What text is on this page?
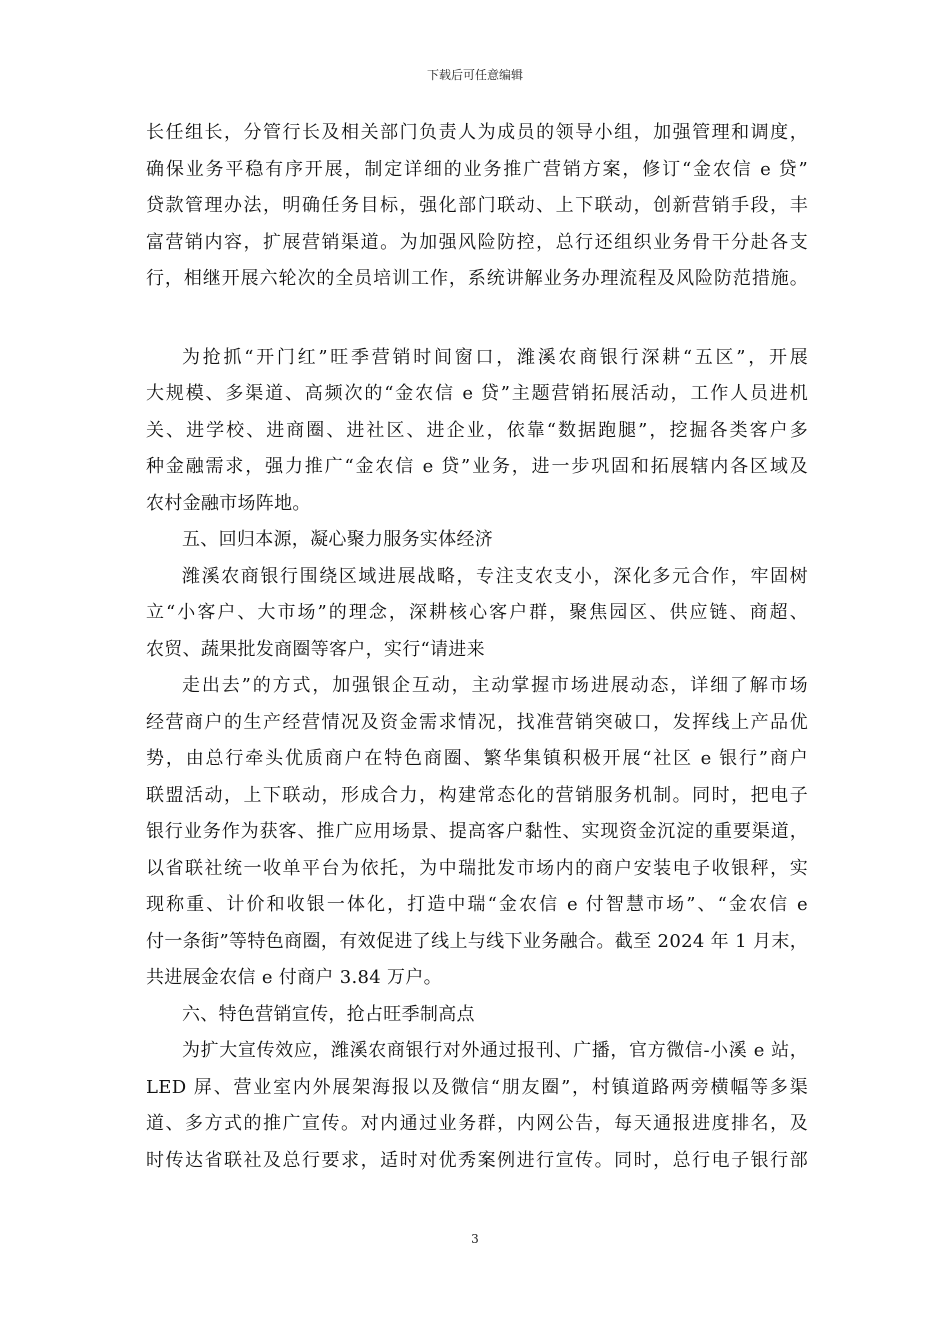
下载后可任意编辑
长任组长，分管行长及相关部门负责人为成员的领导小组，加强管理和调度，
确保业务平稳有序开展，制定详细的业务推广营销方案，修订“金农信 e 贷”
贷款管理办法，明确任务目标，强化部门联动、上下联动，创新营销手段，丰
富营销内容，扩展营销渠道。为加强风险防控，总行还组织业务骨干分赴各支
行，相继开展六轮次的全员培训工作，系统讲解业务办理流程及风险防范措施。
为抢抓“开门红”旺季营销时间窗口，潍溪农商银行深耕“五区”，开展
大规模、多渠道、高频次的“金农信 e 贷”主题营销拓展活动，工作人员进机
关、进学校、进商圈、进社区、进企业，依靠“数据跑腿”，挖掘各类客户多
种金融需求，强力推广“金农信 e 贷”业务，进一步巩固和拓展辖内各区域及
农村金融市场阵地。
五、回归本源，凝心聚力服务实体经济
潍溪农商银行围绕区域进展战略，专注支农支小，深化多元合作，牢固树
立“小客户、大市场”的理念，深耕核心客户群，聚焦园区、供应链、商超、
农贸、蔬果批发商圈等客户，实行“请进来
走出去”的方式，加强银企互动，主动掌握市场进展动态，详细了解市场
经营商户的生产经营情况及资金需求情况，找准营销突破口，发挥线上产品优
势，由总行牵头优质商户在特色商圈、繁华集镇积极开展“社区 e 银行”商户
联盟活动，上下联动，形成合力，构建常态化的营销服务机制。同时，把电子
银行业务作为获客、推广应用场景、提高客户黏性、实现资金沉淀的重要渠道，
以省联社统一收单平台为依托，为中瑞批发市场内的商户安装电子收银秤，实
现称重、计价和收银一体化，打造中瑞“金农信 e 付智慧市场”、“金农信 e
付一条街”等特色商圈，有效促进了线上与线下业务融合。截至 2024 年 1 月末，
共进展金农信 e 付商户 3.84 万户。
六、特色营销宣传，抢占旺季制高点
为扩大宣传效应，潍溪农商银行对外通过报刊、广播，官方微信-小溪 e 站，
LED 屏、营业室内外展架海报以及微信“朋友圈”，村镇道路两旁横幅等多渠
道、多方式的推广宣传。对内通过业务群，内网公告，每天通报进度排名，及
时传达省联社及总行要求，适时对优秀案例进行宣传。同时，总行电子银行部
3
